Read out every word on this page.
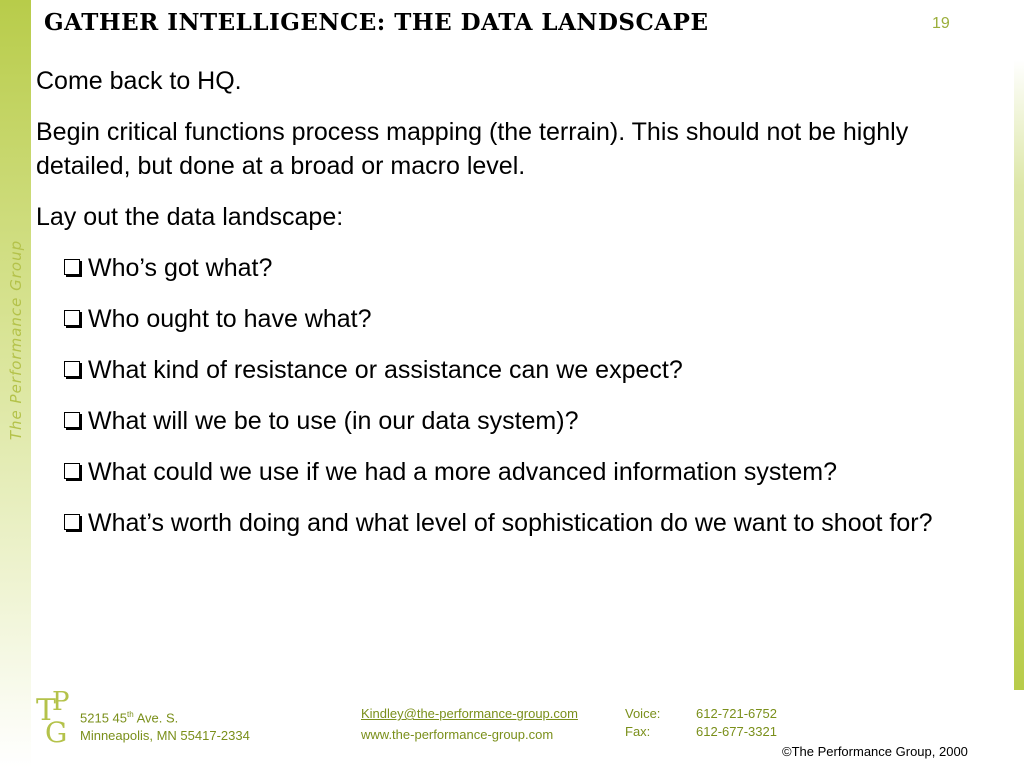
The Performance Group
GATHER INTELLIGENCE: THE DATA LANDSCAPE

Come back to HQ.

Begin critical functions process mapping (the terrain). This should not be highly detailed, but done at a broad or macro level.

Lay out the data landscape:

Who’s got what?
Who ought to have what?
What kind of resistance or assistance can we expect?
What will we be to use (in our data system)?
What could we use if we had a more advanced information system?
What’s worth doing and what level of sophistication do we want to shoot for?
19
T
P
G 5215 45th Ave. S.
Minneapolis, MN 55417-2334
Kindley@the-performance-group.com
www.the-performance-group.com
Voice:	612-721-6752
Fax:	612-677-3321
©The Performance Group, 2000
